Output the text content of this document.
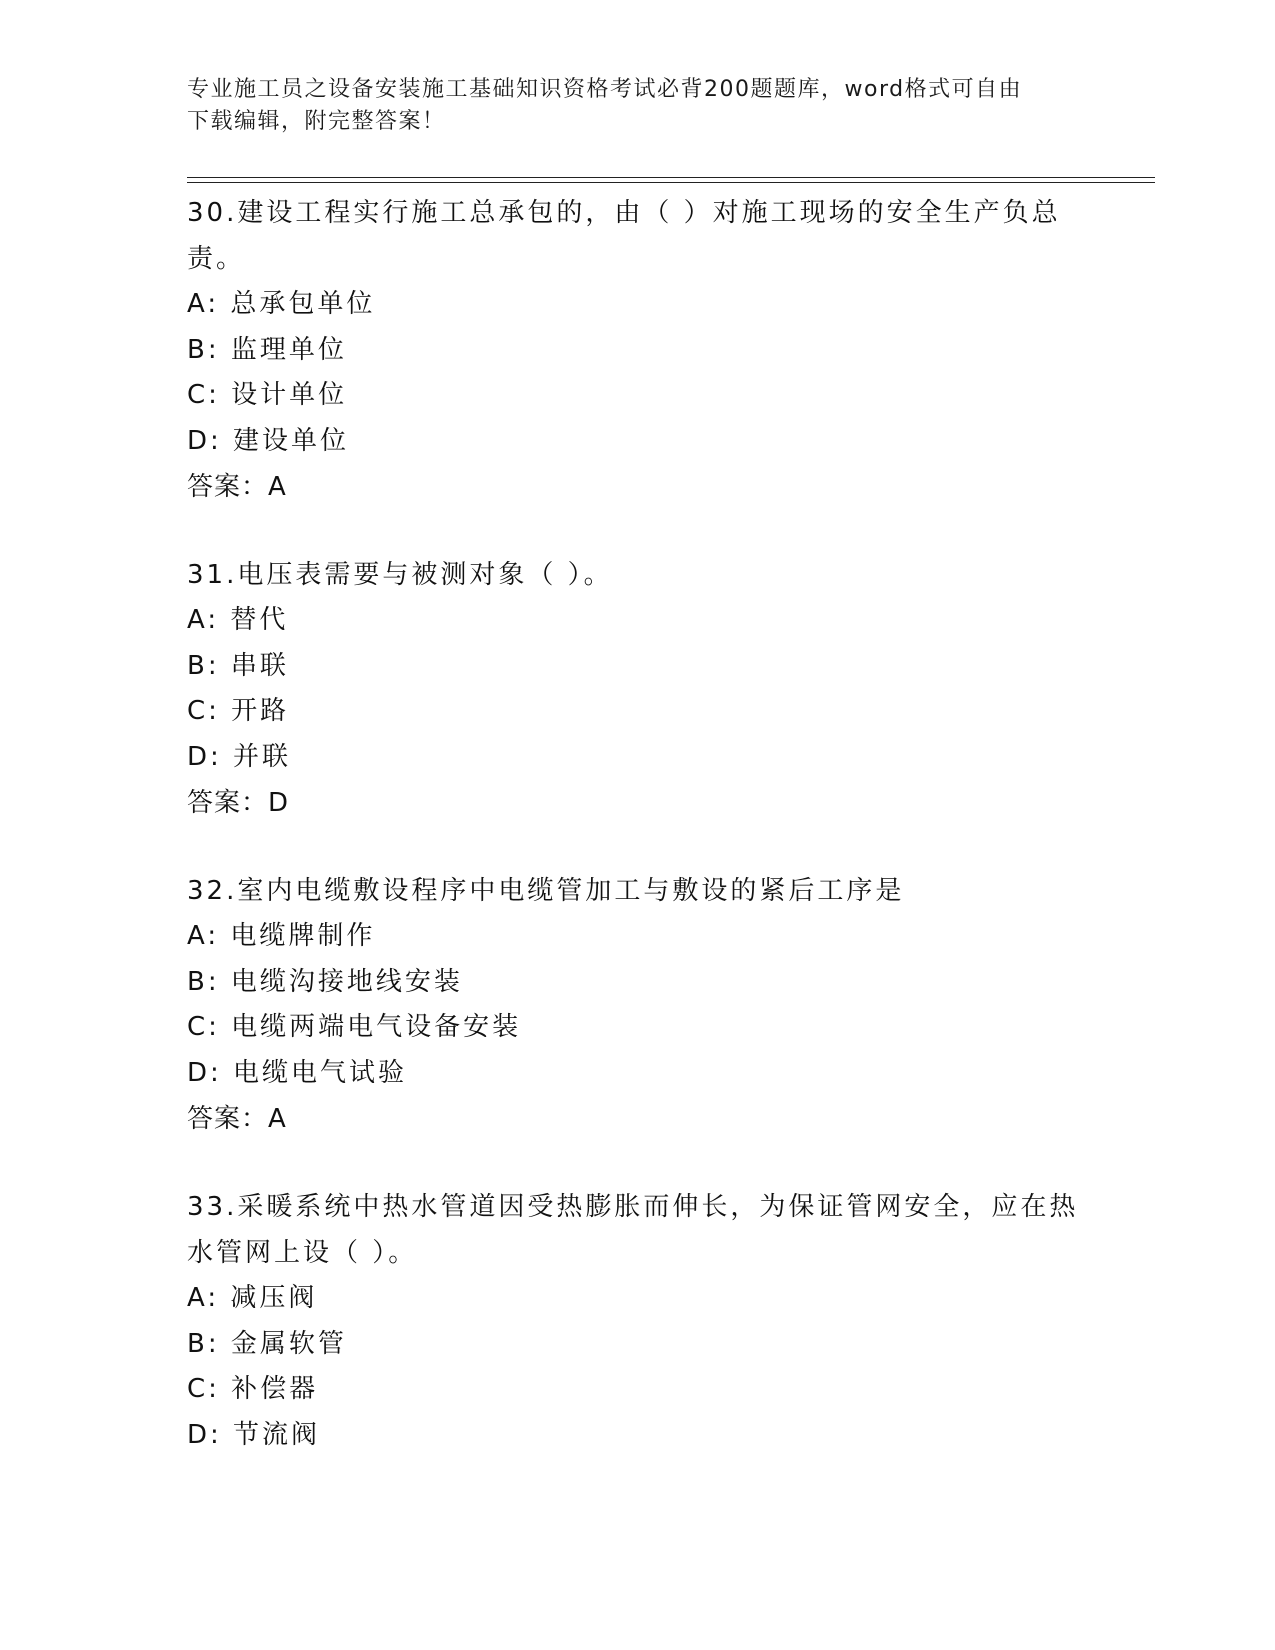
专业施工员之设备安装施工基础知识资格考试必背200题题库，word格式可自由
下载编辑，附完整答案！
30.建设工程实行施工总承包的，由（ ）对施工现场的安全生产负总
责。
A: 总承包单位
B: 监理单位
C: 设计单位
D: 建设单位
答案：A
31.电压表需要与被测对象（ ）。
A: 替代
B: 串联
C: 开路
D: 并联
答案：D
32.室内电缆敷设程序中电缆管加工与敷设的紧后工序是
A: 电缆牌制作
B: 电缆沟接地线安装
C: 电缆两端电气设备安装
D: 电缆电气试验
答案：A
33.采暖系统中热水管道因受热膨胀而伸长，为保证管网安全，应在热
水管网上设（ ）。
A: 减压阀
B: 金属软管
C: 补偿器
D: 节流阀
